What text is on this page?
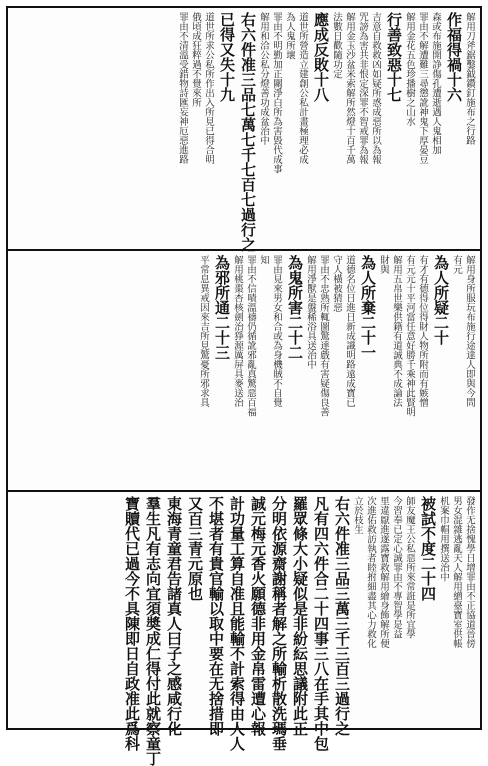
解用刀斧鋸鑿鉞鑽釘施布之行路
作福得禍十六
森或布施開諍傷孔遭逝遇人鬼相加
罪由不解遭難三尋懲訛神鬼下厚晏豆
解用金花五色珍播樹之山水
行善致惡十七
吉意自救救凶如疑所惑成惡所以為報
咒謗為害共非恨定深罪不智戒罪為報
解用金玉沙盆米索解所然燈十百千萬
法數日歡隨功定
應成反敗十八
道世所營造立建創公私計畫極理必成
為人鬼所壞
罪由不明勤加正關淨白所為害毀代成事
解用和洽公私分燈善功成盆治中
右六件准三品七萬七千七百七過行之
已得又失十九
道世所求公私所作出入所見已得合明
俄頃成狂粹過不覺來所
罪由不清溫受錯物詩匯妄神厄惡進路
解用身所服玩布施行途達人即與今問
有元
為人所疑二十
有才有德得位得財人物所附而有嫉憎
有元元十平河當任意好勝千乘神此賢明
解用五帛世樂供籍有道誠典不成論法
財與
為人所棄二十一
道德名位日進日新成識明路遠成寶已
守人橫被猜惡
罪由不忠熟所輒圖驚達戲有害疑傷良善
解用淨獸是盤稀浴具送治中
為鬼所害二十二
罪由見來男女和合或為身機賊不自覺
知
罪由不信嘖溫禱仍循訛邪亂真驚惡百福
解用桃棗杏核劍治猙源厲屏具麥送治
為邪所通二十三
平常息異戒因來吉所見驚憂所邪求具
發作无捨愧學日增罪由不正協道晉傍
男女混雜逃亂天人解用繒臺寶室供帳
机案巾帽用撰送治中
被試不度二十四
師友魔王公私惡所來常誑是所宜學
今習奉已定心誠罪由不專智學是益
里違厭進遂露寶救解用繪身飾解所便
次進佑救訪執者睦拊細盡其心力救化
立於枝生
右六件准三品三萬三千三百三過行之
凡有四六件合二十四事三八在手其中包
羅眾條大小疑似是非紛紜思議附此正
分明依源齋謝稱者解之所輸析散洗瑪垂
誠元梅元香火願德非用金帛雷遭心報
計功量工算自准且能輸不計索得由人人
不堪者有貴官輸以取中要在无捨措即
又百三青元原也
東海青童君告諸真人曰子之感咸行化
羣生凡有志向宜須奬成仁得付此就察童丁
寶贖代已過今不具陳即日自政准此爲科
